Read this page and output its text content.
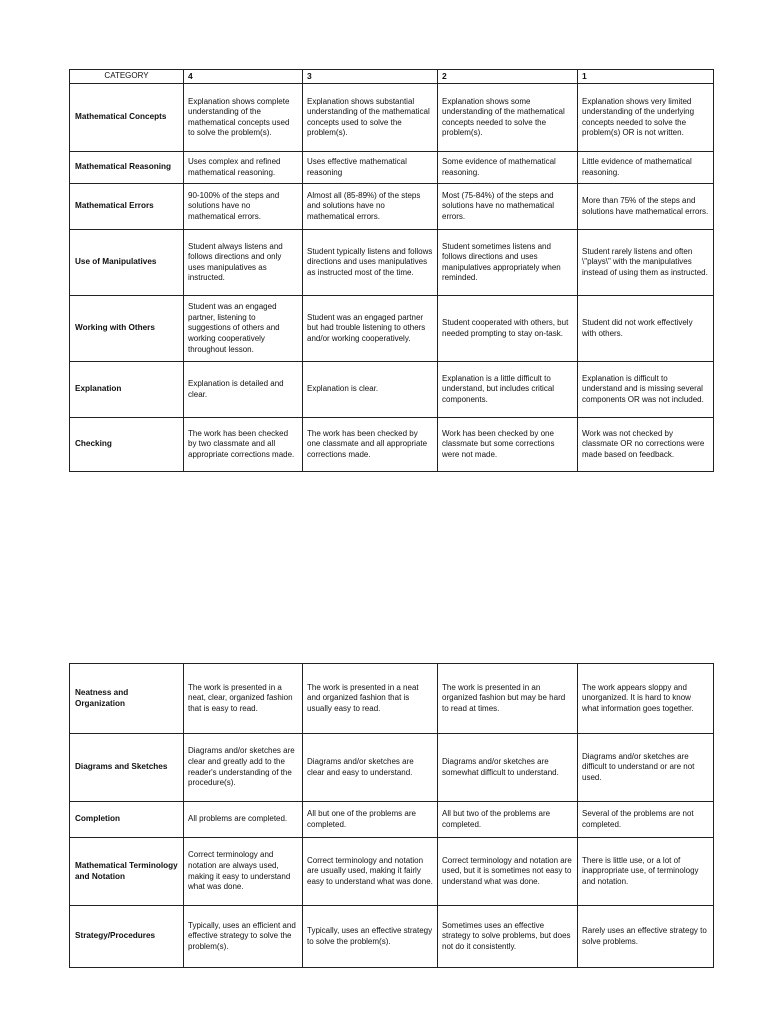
CATEGORY	4	3	2	1
Mathematical Concepts	Explanation shows complete understanding of the mathematical concepts used to solve the problem(s).	Explanation shows substantial understanding of the mathematical concepts used to solve the problem(s).	Explanation shows some understanding of the mathematical concepts needed to solve the problem(s).	Explanation shows very limited understanding of the underlying concepts needed to solve the problem(s) OR is not written.
Mathematical Reasoning	Uses complex and refined mathematical reasoning.	Uses effective mathematical reasoning	Some evidence of mathematical reasoning.	Little evidence of mathematical reasoning.
Mathematical Errors	90-100% of the steps and solutions have no mathematical errors.	Almost all (85-89%) of the steps and solutions have no mathematical errors.	Most (75-84%) of the steps and solutions have no mathematical errors.	More than 75% of the steps and solutions have mathematical errors.
Use of Manipulatives	Student always listens and follows directions and only uses manipulatives as instructed.	Student typically listens and follows directions and uses manipulatives as instructed most of the time.	Student sometimes listens and follows directions and uses manipulatives appropriately when reminded.	Student rarely listens and often \"plays\" with the manipulatives instead of using them as instructed.
Working with Others	Student was an engaged partner, listening to suggestions of others and working cooperatively throughout lesson.	Student was an engaged partner but had trouble listening to others and/or working cooperatively.	Student cooperated with others, but needed prompting to stay on-task.	Student did not work effectively with others.
Explanation	Explanation is detailed and clear.	Explanation is clear.	Explanation is a little difficult to understand, but includes critical components.	Explanation is difficult to understand and is missing several components OR was not included.
Checking	The work has been checked by two classmate and all appropriate corrections made.	The work has been checked by one classmate and all appropriate corrections made.	Work has been checked by one classmate but some corrections were not made.	Work was not checked by classmate OR no corrections were made based on feedback.
Neatness and Organization	The work is presented in a neat, clear, organized fashion that is easy to read.	The work is presented in a neat and organized fashion that is usually easy to read.	The work is presented in an organized fashion but may be hard to read at times.	The work appears sloppy and unorganized. It is hard to know what information goes together.
Diagrams and Sketches	Diagrams and/or sketches are clear and greatly add to the reader's understanding of the procedure(s).	Diagrams and/or sketches are clear and easy to understand.	Diagrams and/or sketches are somewhat difficult to understand.	Diagrams and/or sketches are difficult to understand or are not used.
Completion	All problems are completed.	All but one of the problems are completed.	All but two of the problems are completed.	Several of the problems are not completed.
Mathematical Terminology and Notation	Correct terminology and notation are always used, making it easy to understand what was done.	Correct terminology and notation are usually used, making it fairly easy to understand what was done.	Correct terminology and notation are used, but it is sometimes not easy to understand what was done.	There is little use, or a lot of inappropriate use, of terminology and notation.
Strategy/Procedures	Typically, uses an efficient and effective strategy to solve the problem(s).	Typically, uses an effective strategy to solve the problem(s).	Sometimes uses an effective strategy to solve problems, but does not do it consistently.	Rarely uses an effective strategy to solve problems.
